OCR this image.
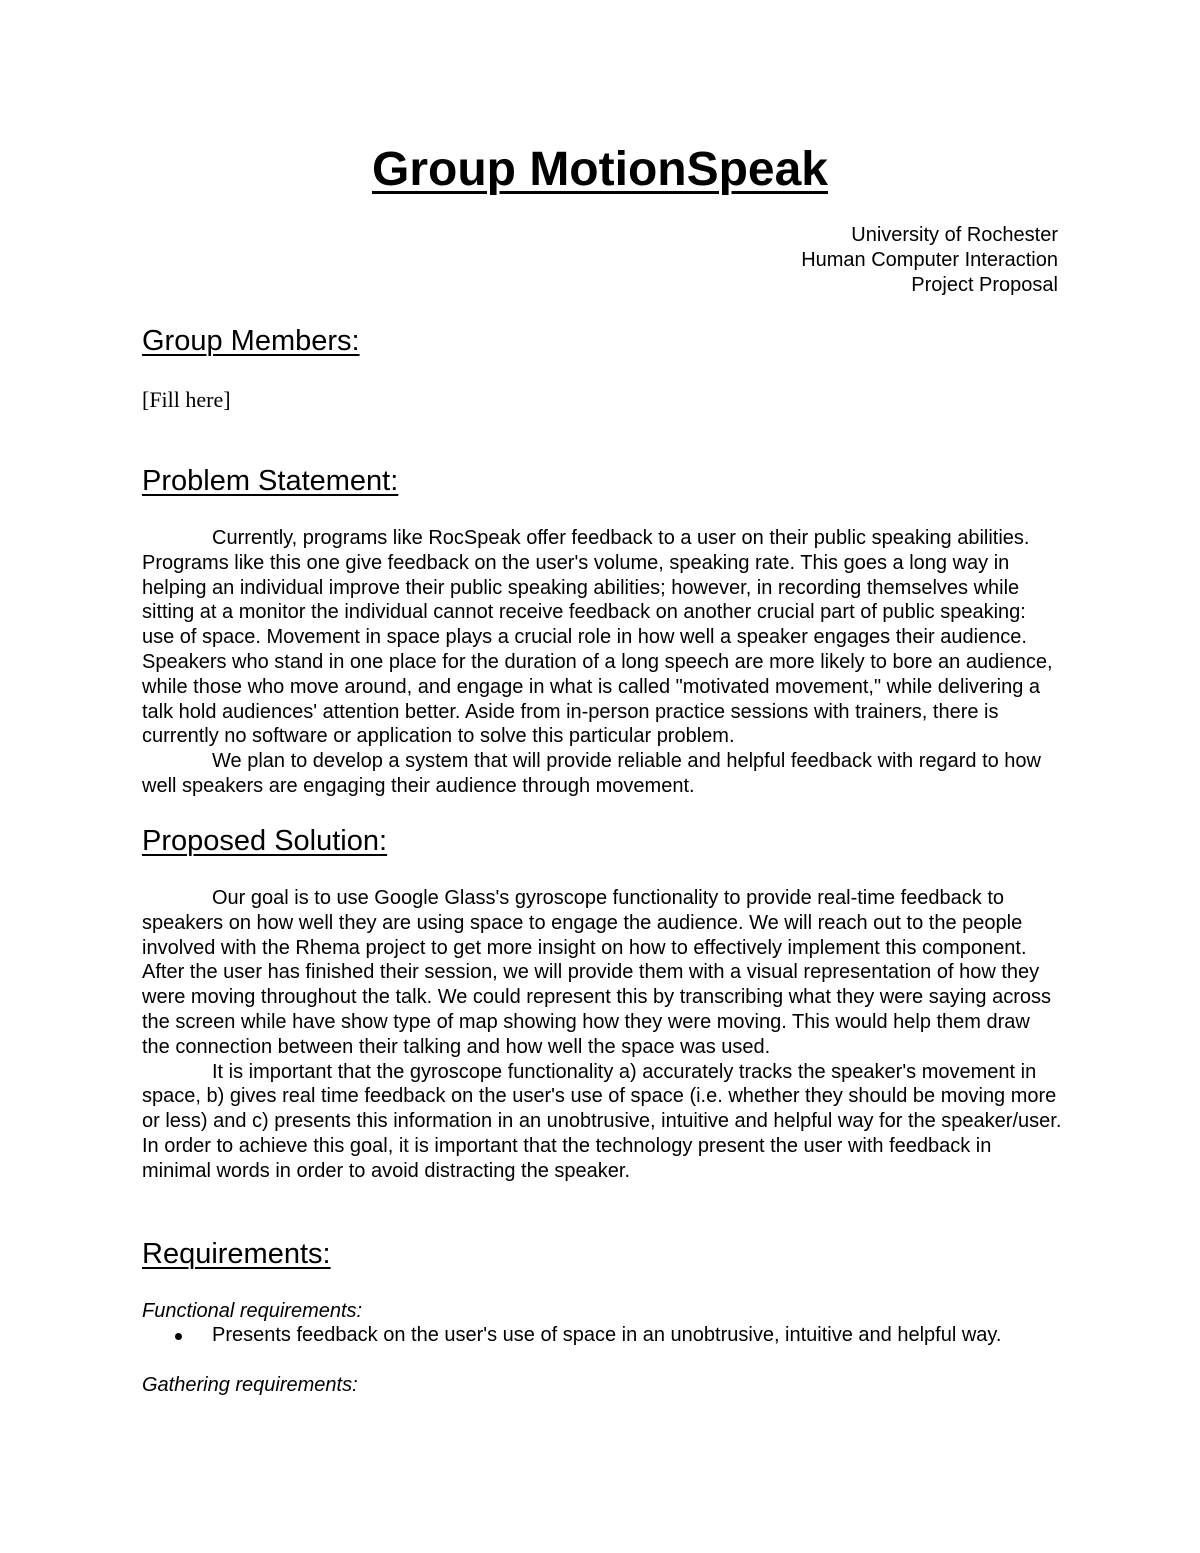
Group MotionSpeak
University of Rochester
Human Computer Interaction
Project Proposal
Group Members:
[Fill here]
Problem Statement:

Currently, programs like RocSpeak offer feedback to a user on their public speaking abilities. Programs like this one give feedback on the user's volume, speaking rate. This goes a long way in helping an individual improve their public speaking abilities; however, in recording themselves while sitting at a monitor the individual cannot receive feedback on another crucial part of public speaking: use of space. Movement in space plays a crucial role in how well a speaker engages their audience. Speakers who stand in one place for the duration of a long speech are more likely to bore an audience, while those who move around, and engage in what is called "motivated movement," while delivering a talk hold audiences' attention better. Aside from in-person practice sessions with trainers, there is currently no software or application to solve this particular problem.

We plan to develop a system that will provide reliable and helpful feedback with regard to how well speakers are engaging their audience through movement.

Proposed Solution:

Our goal is to use Google Glass's gyroscope functionality to provide real-time feedback to speakers on how well they are using space to engage the audience. We will reach out to the people involved with the Rhema project to get more insight on how to effectively implement this component. After the user has finished their session, we will provide them with a visual representation of how they were moving throughout the talk. We could represent this by transcribing what they were saying across the screen while have show type of map showing how they were moving. This would help them draw the connection between their talking and how well the space was used.

It is important that the gyroscope functionality a) accurately tracks the speaker's movement in space, b) gives real time feedback on the user's use of space (i.e. whether they should be moving more or less) and c) presents this information in an unobtrusive, intuitive and helpful way for the speaker/user. In order to achieve this goal, it is important that the technology present the user with feedback in minimal words in order to avoid distracting the speaker.

Requirements:
Functional requirements:
Presents feedback on the user's use of space in an unobtrusive, intuitive and helpful way.
Gathering requirements:
